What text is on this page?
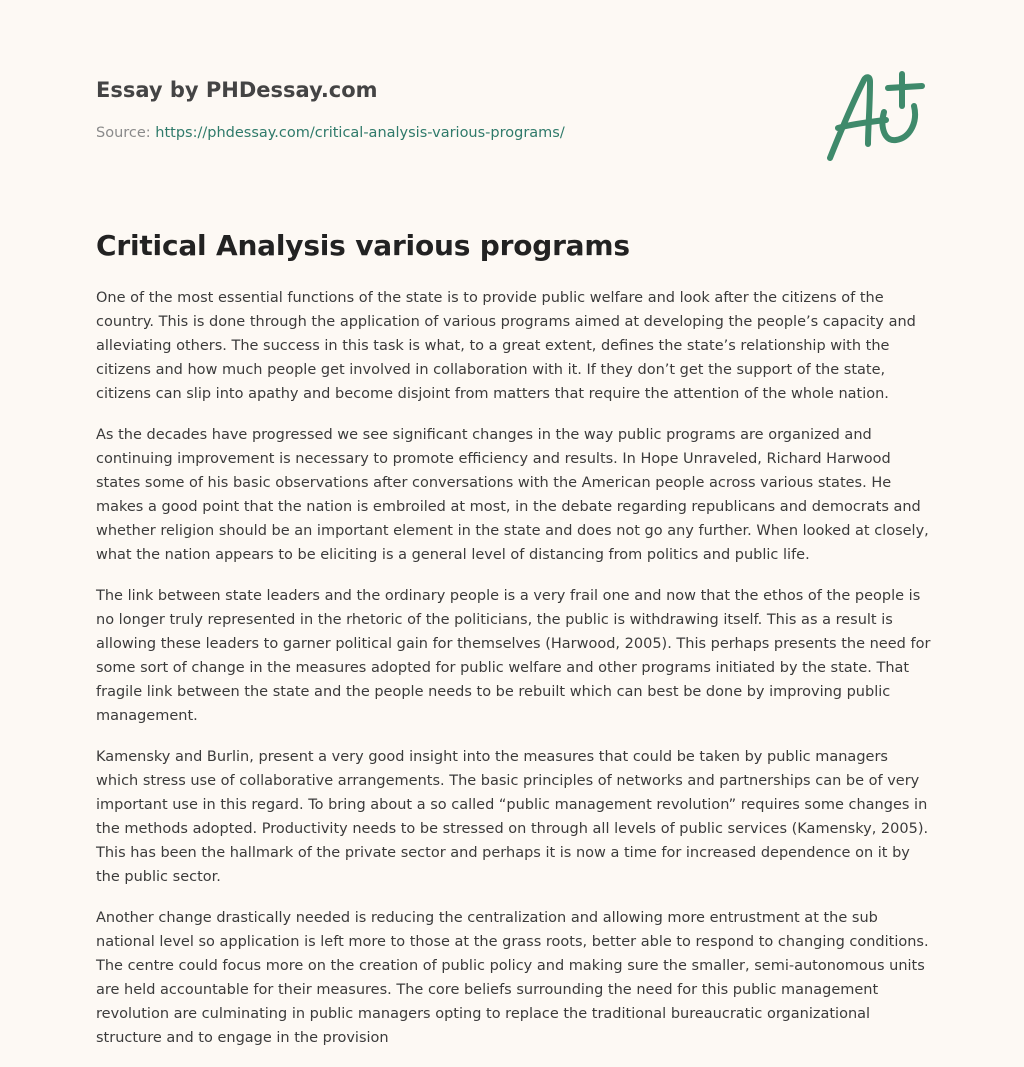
Essay by PHDessay.com
Source: https://phdessay.com/critical-analysis-various-programs/
Critical Analysis various programs

One of the most essential functions of the state is to provide public welfare and look after the citizens of the country. This is done through the application of various programs aimed at developing the people’s capacity and alleviating others. The success in this task is what, to a great extent, defines the state’s relationship with the citizens and how much people get involved in collaboration with it. If they don’t get the support of the state, citizens can slip into apathy and become disjoint from matters that require the attention of the whole nation.

As the decades have progressed we see significant changes in the way public programs are organized and continuing improvement is necessary to promote efficiency and results. In Hope Unraveled, Richard Harwood states some of his basic observations after conversations with the American people across various states. He makes a good point that the nation is embroiled at most, in the debate regarding republicans and democrats and whether religion should be an important element in the state and does not go any further. When looked at closely, what the nation appears to be eliciting is a general level of distancing from politics and public life.

The link between state leaders and the ordinary people is a very frail one and now that the ethos of the people is no longer truly represented in the rhetoric of the politicians, the public is withdrawing itself. This as a result is allowing these leaders to garner political gain for themselves (Harwood, 2005). This perhaps presents the need for some sort of change in the measures adopted for public welfare and other programs initiated by the state. That fragile link between the state and the people needs to be rebuilt which can best be done by improving public management.

Kamensky and Burlin, present a very good insight into the measures that could be taken by public managers which stress use of collaborative arrangements. The basic principles of networks and partnerships can be of very important use in this regard. To bring about a so called “public management revolution” requires some changes in the methods adopted. Productivity needs to be stressed on through all levels of public services (Kamensky, 2005). This has been the hallmark of the private sector and perhaps it is now a time for increased dependence on it by the public sector.

Another change drastically needed is reducing the centralization and allowing more entrustment at the sub national level so application is left more to those at the grass roots, better able to respond to changing conditions. The centre could focus more on the creation of public policy and making sure the smaller, semi-autonomous units are held accountable for their measures. The core beliefs surrounding the need for this public management revolution are culminating in public managers opting to replace the traditional bureaucratic organizational structure and to engage in the provision
